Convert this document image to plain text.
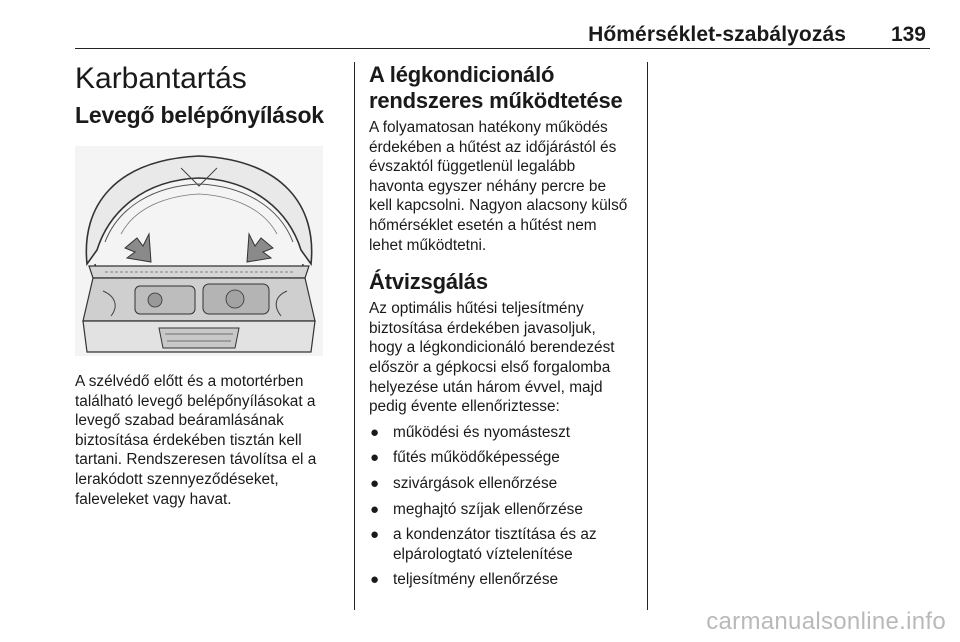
Hőmérséklet-szabályozás 139
Karbantartás
Levegő belépőnyílások

A szélvédő előtt és a motortérben található levegő belépőnyílásokat a levegő szabad beáramlásának biztosítása érdekében tisztán kell tartani. Rendszeresen távolítsa el a lerakódott szennyeződéseket, faleveleket vagy havat.

A légkondicionáló rendszeres működtetése

A folyamatosan hatékony működés érdekében a hűtést az időjárástól és évszaktól függetlenül legalább havonta egyszer néhány percre be kell kapcsolni. Nagyon alacsony külső hőmérséklet esetén a hűtést nem lehet működtetni.

Átvizsgálás

Az optimális hűtési teljesítmény biztosítása érdekében javasoljuk, hogy a légkondicionáló berendezést először a gépkocsi első forgalomba helyezése után három évvel, majd pedig évente ellenőriztesse:

● működési és nyomásteszt
● fűtés működőképessége
● szivárgások ellenőrzése
● meghajtó szíjak ellenőrzése
● a kondenzátor tisztítása és az elpárologtató víztelenítése
● teljesítmény ellenőrzése
carmanualsonline.info
